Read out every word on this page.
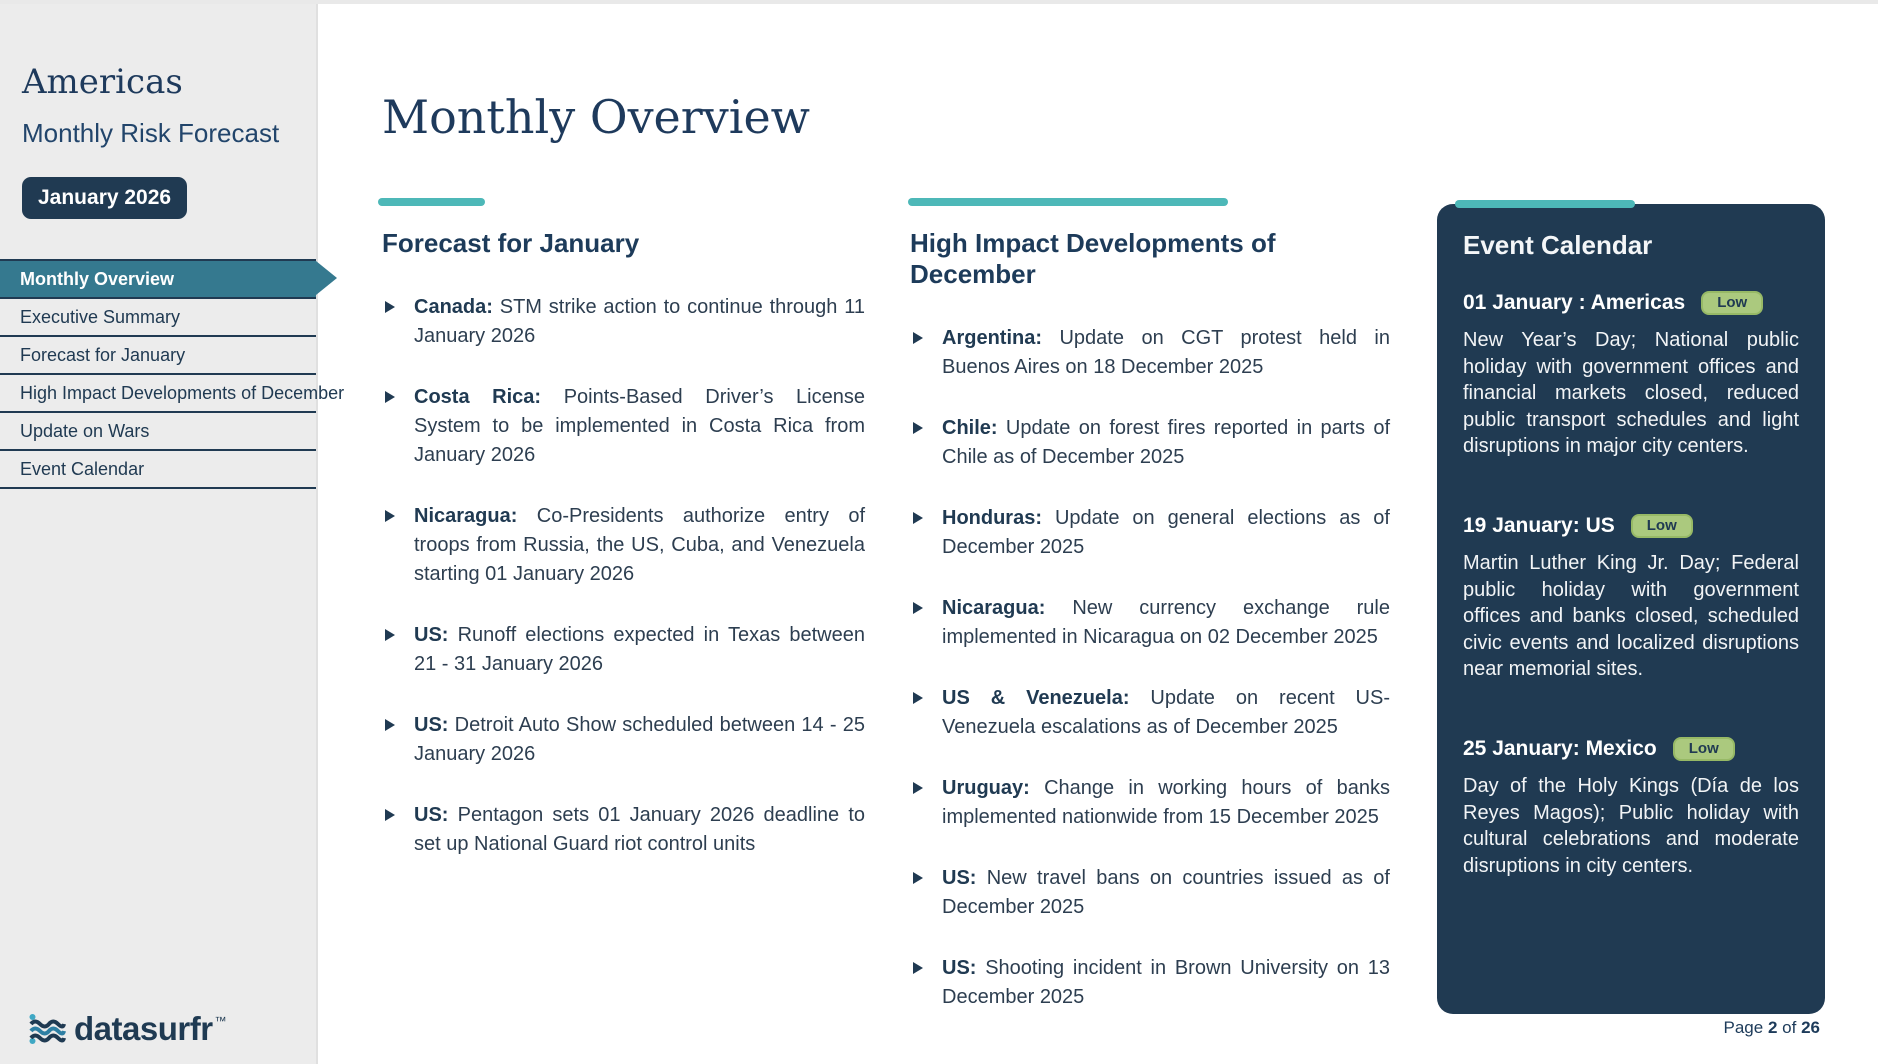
Americas
Monthly Risk Forecast
January 2026
Monthly Overview
Executive Summary
Forecast for January
High Impact Developments of December
Update on Wars
Event Calendar
Monthly Overview
Forecast for January
Canada: STM strike action to continue through 11 January 2026
Costa Rica: Points-Based Driver’s License System to be implemented in Costa Rica from January 2026
Nicaragua: Co-Presidents authorize entry of troops from Russia, the US, Cuba, and Venezuela starting 01 January 2026
US: Runoff elections expected in Texas between 21 - 31 January 2026
US: Detroit Auto Show scheduled between 14 - 25 January 2026
US: Pentagon sets 01 January 2026 deadline to set up National Guard riot control units
High Impact Developments of December
Argentina: Update on CGT protest held in Buenos Aires on 18 December 2025
Chile: Update on forest fires reported in parts of Chile as of December 2025
Honduras: Update on general elections as of December 2025
Nicaragua: New currency exchange rule implemented in Nicaragua on 02 December 2025
US & Venezuela: Update on recent US-Venezuela escalations as of December 2025
Uruguay: Change in working hours of banks implemented nationwide from 15 December 2025
US: New travel bans on countries issued as of December 2025
US: Shooting incident in Brown University on 13 December 2025
Event Calendar
01 January : Americas	Low

New Year’s Day; National public holiday with government offices and financial markets closed, reduced public transport schedules and light disruptions in major city centers.

19 January: US	Low

Martin Luther King Jr. Day; Federal public holiday with government offices and banks closed, scheduled civic events and localized disruptions near memorial sites.

25 January: Mexico	Low

Day of the Holy Kings (Día de los Reyes Magos); Public holiday with cultural celebrations and moderate disruptions in city centers.

datasurfr ™	Page 2 of 26
